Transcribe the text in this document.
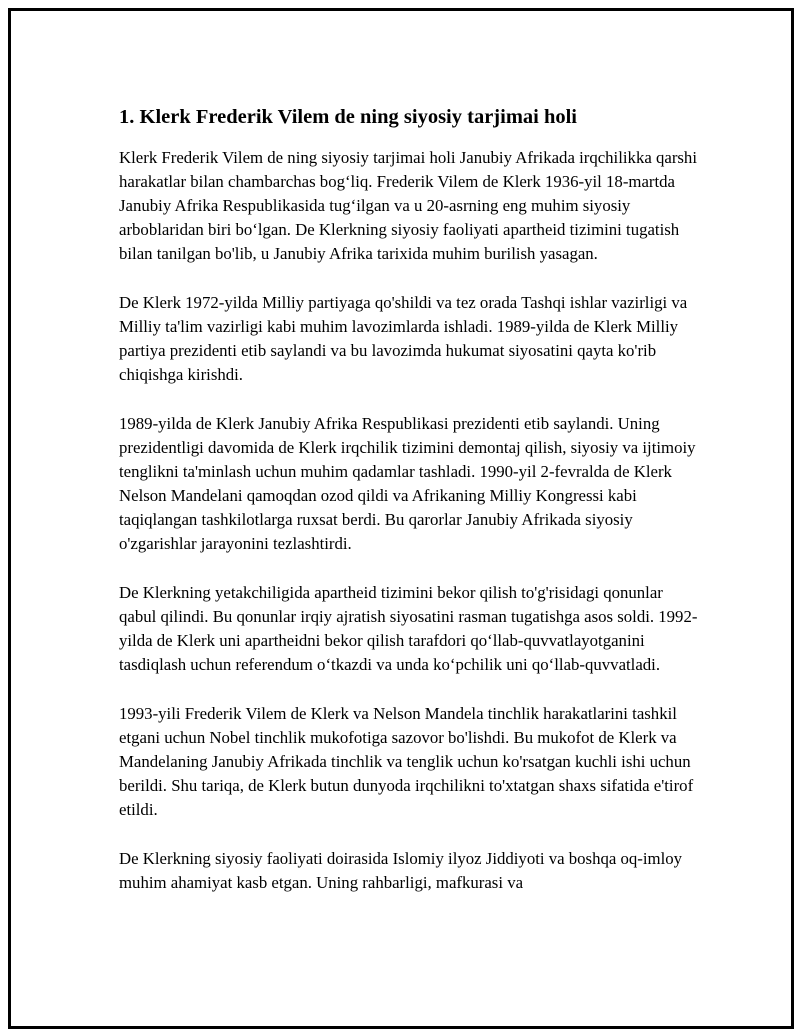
1. Klerk Frederik Vilem de ning siyosiy tarjimai holi

Klerk Frederik Vilem de ning siyosiy tarjimai holi Janubiy Afrikada irqchilikka qarshi harakatlar bilan chambarchas bog‘liq. Frederik Vilem de Klerk 1936-yil 18-martda Janubiy Afrika Respublikasida tug‘ilgan va u 20-asrning eng muhim siyosiy arboblaridan biri bo‘lgan. De Klerkning siyosiy faoliyati apartheid tizimini tugatish bilan tanilgan bo'lib, u Janubiy Afrika tarixida muhim burilish yasagan.

De Klerk 1972-yilda Milliy partiyaga qo'shildi va tez orada Tashqi ishlar vazirligi va Milliy ta'lim vazirligi kabi muhim lavozimlarda ishladi. 1989-yilda de Klerk Milliy partiya prezidenti etib saylandi va bu lavozimda hukumat siyosatini qayta ko'rib chiqishga kirishdi.

1989-yilda de Klerk Janubiy Afrika Respublikasi prezidenti etib saylandi. Uning prezidentligi davomida de Klerk irqchilik tizimini demontaj qilish, siyosiy va ijtimoiy tenglikni ta'minlash uchun muhim qadamlar tashladi. 1990-yil 2-fevralda de Klerk Nelson Mandelani qamoqdan ozod qildi va Afrikaning Milliy Kongressi kabi taqiqlangan tashkilotlarga ruxsat berdi. Bu qarorlar Janubiy Afrikada siyosiy o'zgarishlar jarayonini tezlashtirdi.

De Klerkning yetakchiligida apartheid tizimini bekor qilish to'g'risidagi qonunlar qabul qilindi. Bu qonunlar irqiy ajratish siyosatini rasman tugatishga asos soldi. 1992-yilda de Klerk uni apartheidni bekor qilish tarafdori qo‘llab-quvvatlayotganini tasdiqlash uchun referendum o‘tkazdi va unda ko‘pchilik uni qo‘llab-quvvatladi.

1993-yili Frederik Vilem de Klerk va Nelson Mandela tinchlik harakatlarini tashkil etgani uchun Nobel tinchlik mukofotiga sazovor bo'lishdi. Bu mukofot de Klerk va Mandelaning Janubiy Afrikada tinchlik va tenglik uchun ko'rsatgan kuchli ishi uchun berildi. Shu tariqa, de Klerk butun dunyoda irqchilikni to'xtatgan shaxs sifatida e'tirof etildi.

De Klerkning siyosiy faoliyati doirasida Islomiy ilyoz Jiddiyoti va boshqa oq-imloy muhim ahamiyat kasb etgan. Uning rahbarligi, mafkurasi va
